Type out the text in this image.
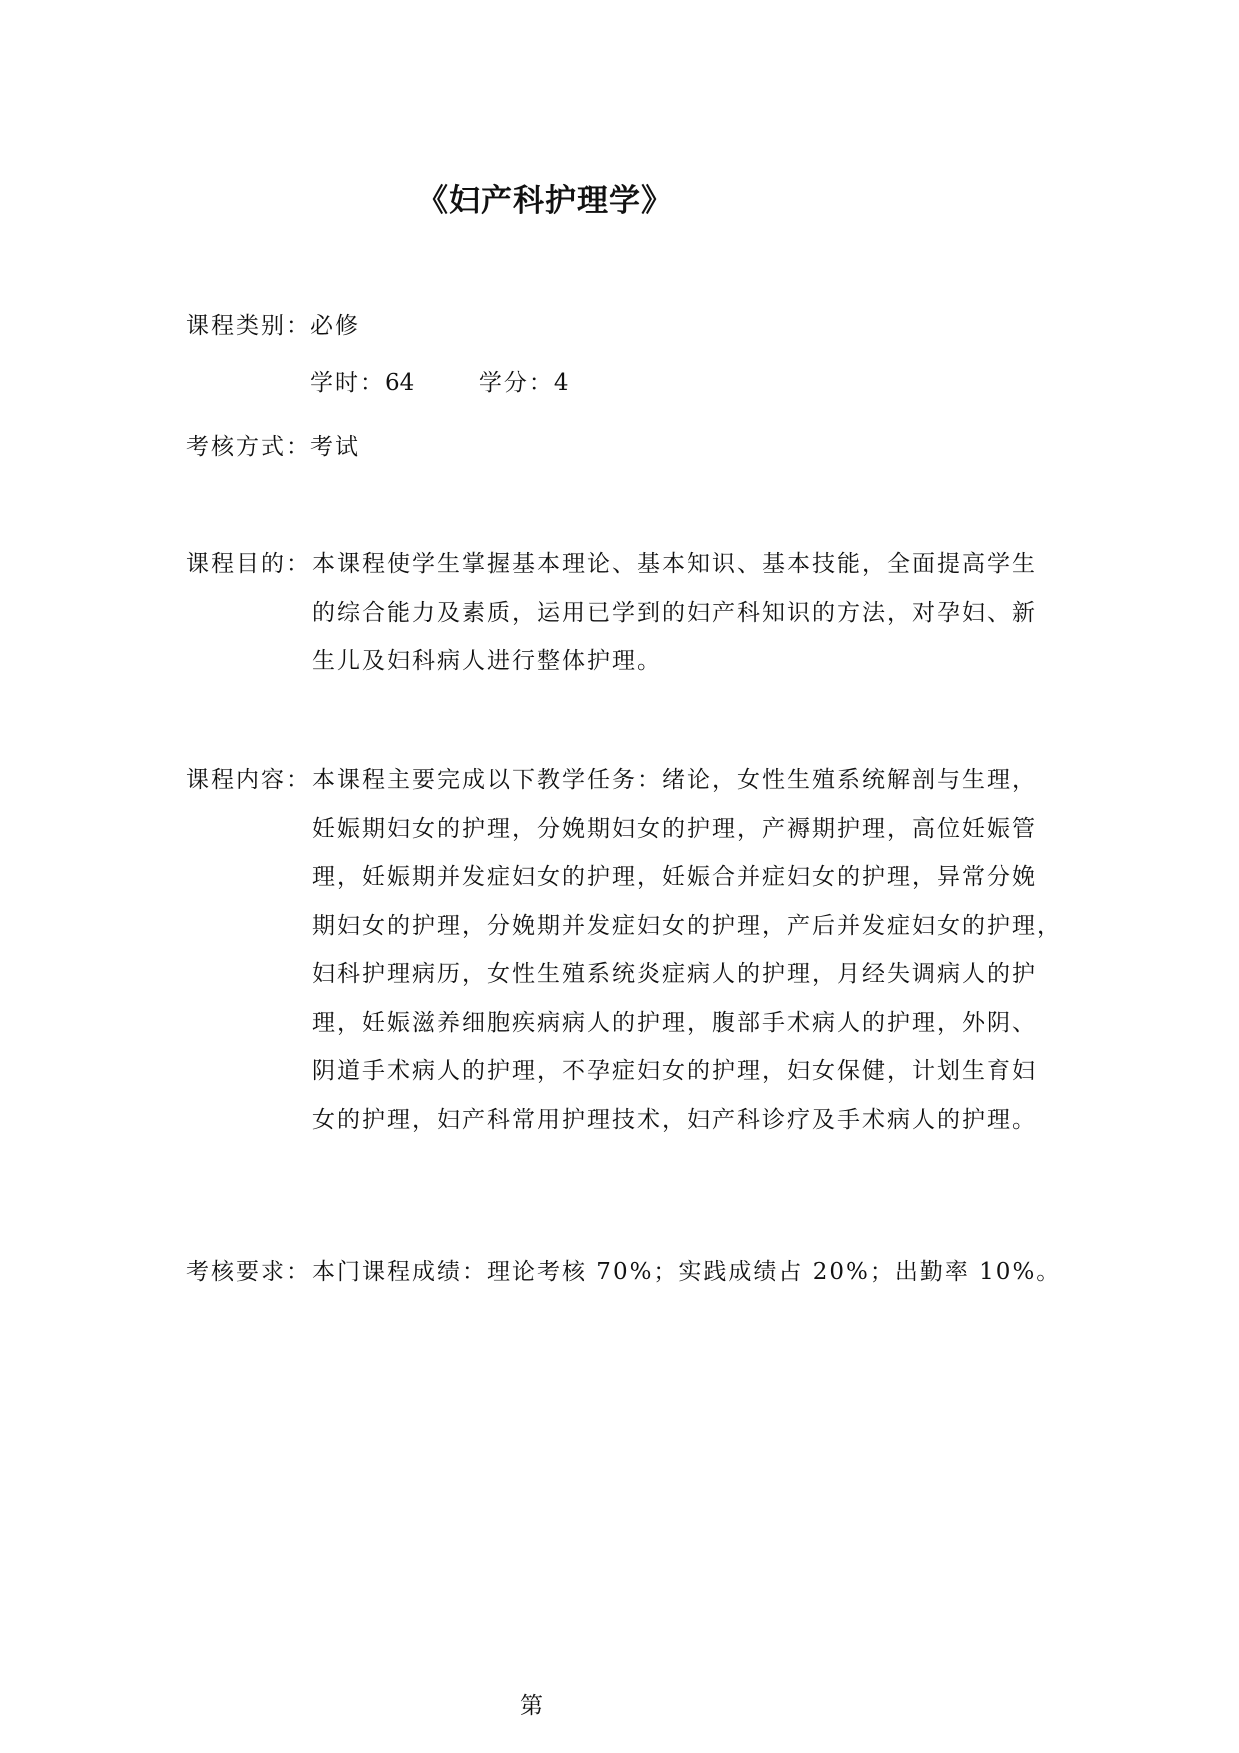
《妇产科护理学》
课程类别：必修
学时：64	学分：4
考核方式：考试
课程目的： 本课程使学生掌握基本理论、基本知识、基本技能，全面提高学生
的综合能力及素质，运用已学到的妇产科知识的方法，对孕妇、新
生儿及妇科病人进行整体护理。
课程内容： 本课程主要完成以下教学任务：绪论，女性生殖系统解剖与生理，
妊娠期妇女的护理，分娩期妇女的护理，产褥期护理，高位妊娠管
理，妊娠期并发症妇女的护理，妊娠合并症妇女的护理，异常分娩
期妇女的护理，分娩期并发症妇女的护理，产后并发症妇女的护理，
妇科护理病历，女性生殖系统炎症病人的护理，月经失调病人的护
理，妊娠滋养细胞疾病病人的护理，腹部手术病人的护理，外阴、
阴道手术病人的护理，不孕症妇女的护理，妇女保健，计划生育妇
女的护理，妇产科常用护理技术，妇产科诊疗及手术病人的护理。
考核要求：本门课程成绩：理论考核 70%；实践成绩占 20%；出勤率 10%。
第
